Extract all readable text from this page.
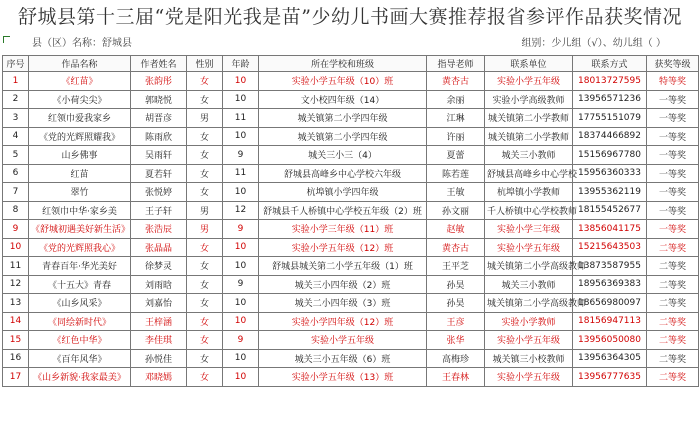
舒城县第十三届“党是阳光我是苗”少幼儿书画大赛推荐报省参评作品获奖情况
县（区）名称：舒城县	组别：少儿组（√）、幼儿组（ ）
序号	作品名称	作者姓名	性别	年龄	所在学校和班级	指导老师	联系单位	联系方式	获奖等级
1	《红苗》	张韵彤	女	10	实验小学五年级（10）班	黄杏古	实验小学五年级	18013727595	特等奖
2	《小荷尖尖》	郭晓悦	女	10	文小校四年级（14）	余丽	实验小学高级教师	13956571236	一等奖
3	红领巾爱我家乡	胡晋彦	男	11	城关镇第二小学四年级	江琳	城关镇第二小学教师	17755151079	一等奖
4	《党的光辉照耀我》	陈雨欣	女	10	城关镇第二小学四年级	许丽	城关镇第二小学教师	18374466892	一等奖
5	山乡佛事	吴雨轩	女	9	城关三小三（4）	夏蕾	城关三小教师	15156967780	一等奖
6	红苗	夏若轩	女	11	舒城县高峰乡中心学校六年级	陈若莲	舒城县高峰乡中心学校	15956360333	一等奖
7	翠竹	张悦婷	女	10	杭埠镇小学四年级	王敏	杭埠镇小学教师	13955362119	一等奖
8	红领巾中华·家乡美	王子轩	男	12	舒城县千人桥镇中心学校五年级（2）班	孙文丽	千人桥镇中心学校教师	18155452677	一等奖
9	《舒城初遇美好新生活》	张浩辰	男	9	实验小学三年级（11）班	赵敏	实验小学三年级	13856041175	一等奖
10	《党的光辉照我心》	张晶晶	女	10	实验小学五年级（12）班	黄杏古	实验小学五年级	15215643503	二等奖
11	青春百年·华光美好	徐梦灵	女	10	舒城县城关第二小学五年级（1）班	王平芝	城关镇第二小学高级教师	13873587955	二等奖
12	《十五大》青春	刘雨晗	女	9	城关三小四年级（2）班	孙昊	城关三小教师	18956369383	二等奖
13	《山乡风采》	刘嘉怡	女	10	城关二小四年级（3）班	孙昊	城关镇第二小学高级教师	18656980097	二等奖
14	《同绘新时代》	王梓涵	女	10	实验小学四年级（12）班	王彦	实验小学教师	18156947113	二等奖
15	《红色中华》	李佳琪	女	9	实验小学五年级	张华	实验小学五年级	13956050080	二等奖
16	《百年风华》	孙悦佳	女	10	城关三小五年级（6）班	高梅珍	城关镇三小校教师	13956364305	二等奖
17	《山乡新貌·我家最美》	邓晓嫣	女	10	实验小学五年级（13）班	王春林	实验小学五年级	13956777635	二等奖
